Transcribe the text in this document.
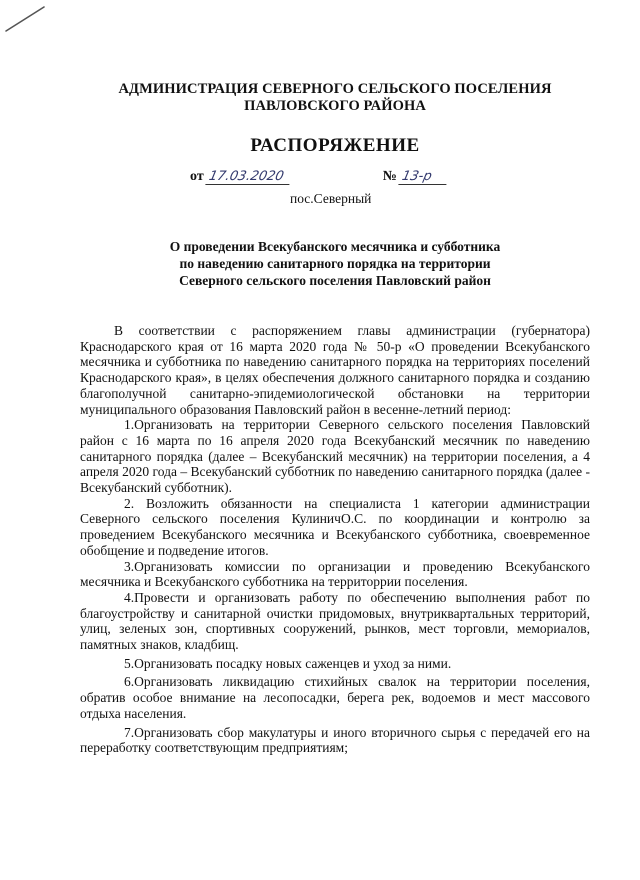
АДМИНИСТРАЦИЯ СЕВЕРНОГО СЕЛЬСКОГО ПОСЕЛЕНИЯ
ПАВЛОВСКОГО РАЙОНА
РАСПОРЯЖЕНИЕ
от 17.03.2020	№ 13-р
пос.Северный
О проведении Всекубанского месячника и субботника
по наведению санитарного порядка на территории
Северного сельского поселения Павловский район

В соответствии с распоряжением главы администрации (губернатора) Краснодарского края от 16 марта 2020 года № 50-р «О проведении Всекубанского месячника и субботника по наведению санитарного порядка на территориях поселений Краснодарского края», в целях обеспечения должного санитарного порядка и созданию благополучной санитарно-эпидемиологической обстановки на территории муниципального образования Павловский район в весенне-летний период:

1.Организовать на территории Северного сельского поселения Павловский район с 16 марта по 16 апреля 2020 года Всекубанский месячник по наведению санитарного порядка (далее – Всекубанский месячник) на территории поселения, а 4 апреля 2020 года – Всекубанский субботник по наведению санитарного порядка (далее - Всекубанский субботник).

2. Возложить обязанности на специалиста 1 категории администрации Северного сельского поселения КулиничО.С. по координации и контролю за проведением Всекубанского месячника и Всекубанского субботника, своевременное обобщение и подведение итогов.

3.Организовать комиссии по организации и проведению Всекубанского месячника и Всекубанского субботника на территоррии поселения.

4.Провести и организовать работу по обеспечению выполнения работ по благоустройству и санитарной очистки придомовых, внутриквартальных территорий, улиц, зеленых зон, спортивных сооружений, рынков, мест торговли, мемориалов, памятных знаков, кладбищ.

5.Организовать посадку новых саженцев и уход за ними.

6.Организовать ликвидацию стихийных свалок на территории поселения, обратив особое внимание на лесопосадки, берега рек, водоемов и мест массового отдыха населения.

7.Организовать сбор макулатуры и иного вторичного сырья с передачей его на переработку соответствующим предприятиям;
